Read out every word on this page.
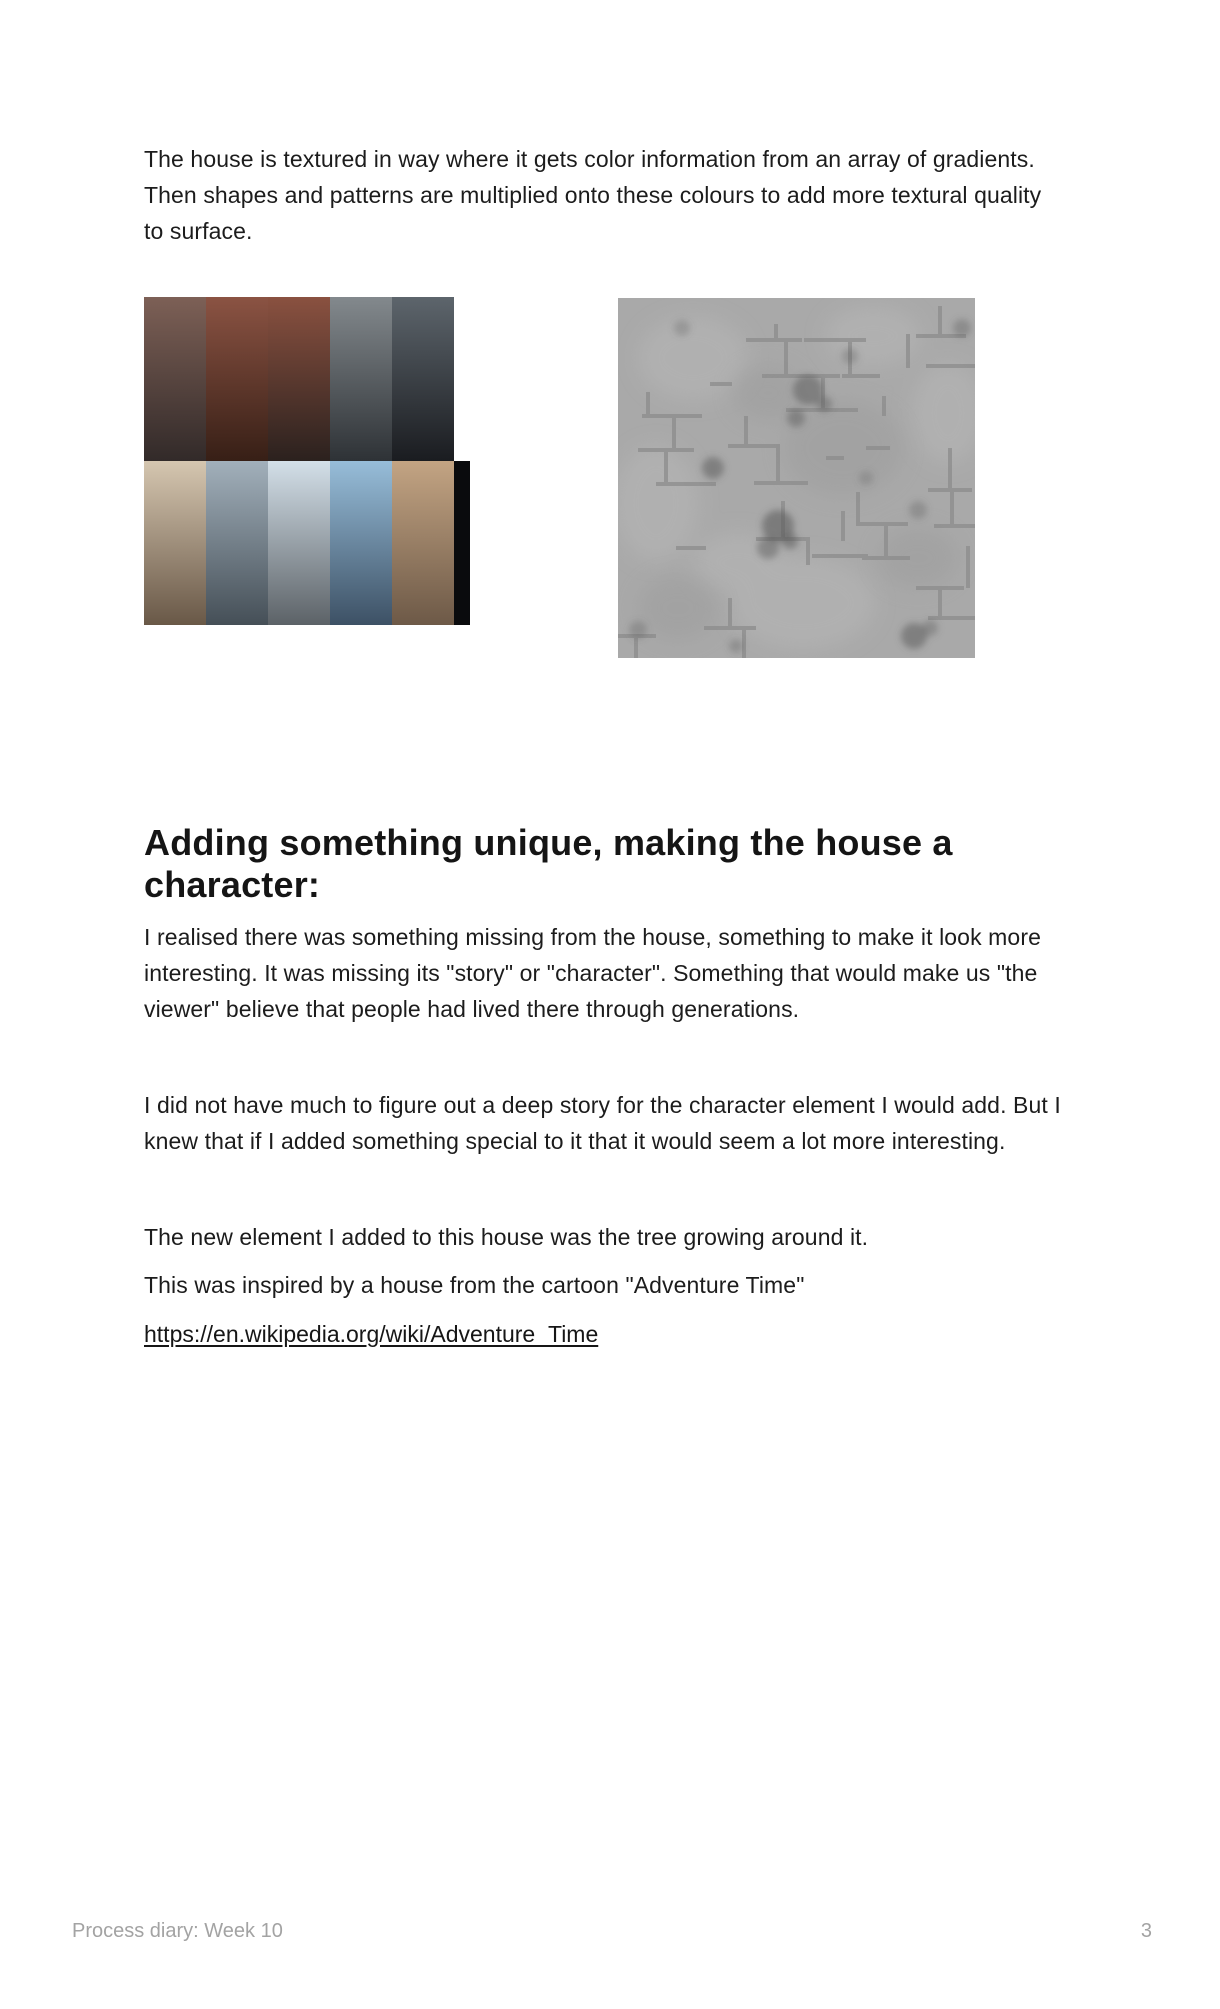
The house is textured in way where it gets color information from an array of gradients. Then shapes and patterns are multiplied onto these colours to add more textural quality to surface.

Adding something unique, making the house a character:

I realised there was something missing from the house, something to make it look more interesting. It was missing its "story" or "character". Something that would make us "the viewer" believe that people had lived there through generations.

I did not have much to figure out a deep story for the character element I would add. But I knew that if I added something special to it that it would seem a lot more interesting.

The new element I added to this house was the tree growing around it.

This was inspired by a house from the cartoon "Adventure Time"

https://en.wikipedia.org/wiki/Adventure_Time
Process diary: Week 10	3
